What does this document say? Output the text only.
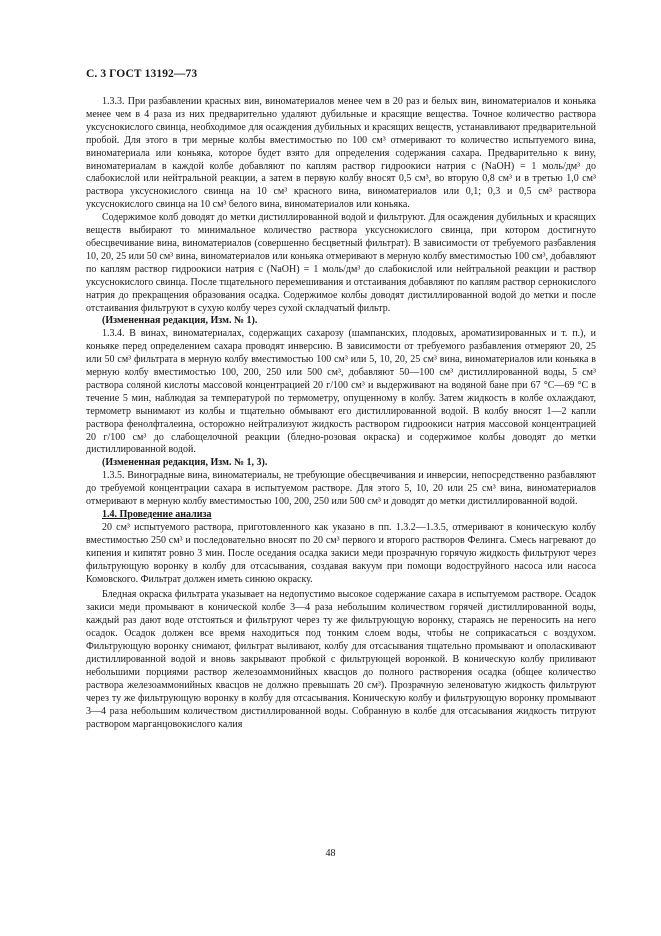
С. 3 ГОСТ 13192—73

1.3.3. При разбавлении красных вин, виноматериалов менее чем в 20 раз и белых вин, виноматериалов и коньяка менее чем в 4 раза из них предварительно удаляют дубильные и красящие вещества. Точное количество раствора уксуснокислого свинца, необходимое для осаждения дубильных и красящих веществ, устанавливают предварительной пробой. Для этого в три мерные колбы вместимостью по 100 см³ отмеривают то количество испытуемого вина, виноматериала или коньяка, которое будет взято для определения содержания сахара. Предварительно к вину, виноматериалам в каждой колбе добавляют по каплям раствор гидроокиси натрия c (NaOH) = 1 моль/дм³ до слабокислой или нейтральной реакции, а затем в первую колбу вносят 0,5 см³, во вторую 0,8 см³ и в третью 1,0 см³ раствора уксуснокислого свинца на 10 см³ красного вина, виноматериалов или 0,1; 0,3 и 0,5 см³ раствора уксуснокислого свинца на 10 см³ белого вина, виноматериалов или коньяка.

Содержимое колб доводят до метки дистиллированной водой и фильтруют. Для осаждения дубильных и красящих веществ выбирают то минимальное количество раствора уксуснокислого свинца, при котором достигнуто обесцвечивание вина, виноматериалов (совершенно бесцветный фильтрат). В зависимости от требуемого разбавления 10, 20, 25 или 50 см³ вина, виноматериалов или коньяка отмеривают в мерную колбу вместимостью 100 см³, добавляют по каплям раствор гидроокиси натрия c (NaOH) = 1 моль/дм³ до слабокислой или нейтральной реакции и раствор уксуснокислого свинца. После тщательного перемешивания и отстаивания добавляют по каплям раствор сернокислого натрия до прекращения образования осадка. Содержимое колбы доводят дистиллированной водой до метки и после отстаивания фильтруют в сухую колбу через сухой складчатый фильтр.

(Измененная редакция, Изм. № 1).

1.3.4. В винах, виноматериалах, содержащих сахарозу (шампанских, плодовых, ароматизированных и т. п.), и коньяке перед определением сахара проводят инверсию. В зависимости от требуемого разбавления отмеряют 20, 25 или 50 см³ фильтрата в мерную колбу вместимостью 100 см³ или 5, 10, 20, 25 см³ вина, виноматериалов или коньяка в мерную колбу вместимостью 100, 200, 250 или 500 см³, добавляют 50—100 см³ дистиллированной воды, 5 см³ раствора соляной кислоты массовой концентрацией 20 г/100 см³ и выдерживают на водяной бане при 67 °С—69 °С в течение 5 мин, наблюдая за температурой по термометру, опущенному в колбу. Затем жидкость в колбе охлаждают, термометр вынимают из колбы и тщательно обмывают его дистиллированной водой. В колбу вносят 1—2 капли раствора фенолфталеина, осторожно нейтрализуют жидкость раствором гидроокиси натрия массовой концентрацией 20 г/100 см³ до слабощелочной реакции (бледно-розовая окраска) и содержимое колбы доводят до метки дистиллированной водой.

(Измененная редакция, Изм. № 1, 3).

1.3.5. Виноградные вина, виноматериалы, не требующие обесцвечивания и инверсии, непосредственно разбавляют до требуемой концентрации сахара в испытуемом растворе. Для этого 5, 10, 20 или 25 см³ вина, виноматериалов отмеривают в мерную колбу вместимостью 100, 200, 250 или 500 см³ и доводят до метки дистиллированной водой.

1.4. Проведение анализа

20 см³ испытуемого раствора, приготовленного как указано в пп. 1.3.2—1.3.5, отмеривают в коническую колбу вместимостью 250 см³ и последовательно вносят по 20 см³ первого и второго растворов Фелинга. Смесь нагревают до кипения и кипятят ровно 3 мин. После оседания осадка закиси меди прозрачную горячую жидкость фильтруют через фильтрующую воронку в колбу для отсасывания, создавая вакуум при помощи водоструйного насоса или насоса Комовского. Фильтрат должен иметь синюю окраску.

Бледная окраска фильтрата указывает на недопустимо высокое содержание сахара в испытуемом растворе. Осадок закиси меди промывают в конической колбе 3—4 раза небольшим количеством горячей дистиллированной воды, каждый раз дают воде отстояться и фильтруют через ту же фильтрующую воронку, стараясь не переносить на него осадок. Осадок должен все время находиться под тонким слоем воды, чтобы не соприкасаться с воздухом. Фильтрующую воронку снимают, фильтрат выливают, колбу для отсасывания тщательно промывают и ополаскивают дистиллированной водой и вновь закрывают пробкой с фильтрующей воронкой. В коническую колбу приливают небольшими порциями раствор железоаммонийных квасцов до полного растворения осадка (общее количество раствора железоаммонийных квасцов не должно превышать 20 см³). Прозрачную зеленоватую жидкость фильтруют через ту же фильтрующую воронку в колбу для отсасывания. Коническую колбу и фильтрующую воронку промывают 3—4 раза небольшим количеством дистиллированной воды. Собранную в колбе для отсасывания жидкость титруют раствором марганцовокислого калия

48
